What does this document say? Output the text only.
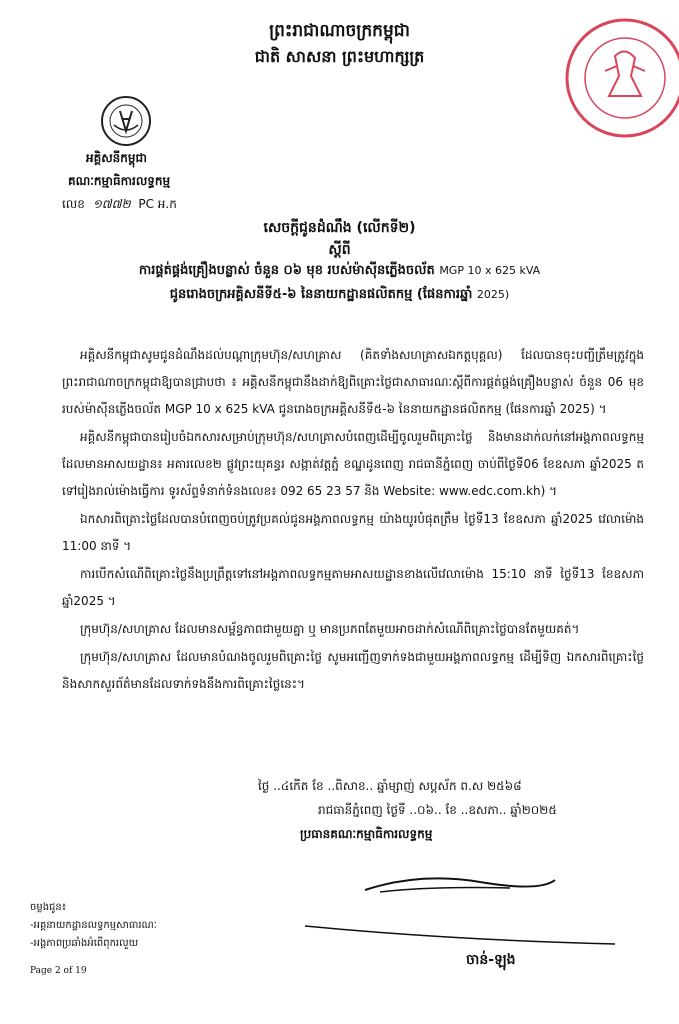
ព្រះរាជាណាចក្រកម្ពុជា
ជាតិ សាសនា ព្រះមហាក្សត្រ
អគ្គិសនីកម្ពុជា
គណៈកម្មាធិការលទ្ធកម្ម
លេខ ១៧៧២ PC អ.ក
សេចក្តីជូនដំណឹង (លើកទី២)
ស្តីពី
ការផ្គត់ផ្គង់គ្រឿងបន្លាស់ ចំនួន ០៦ មុខ របស់ម៉ាស៊ីនភ្លើងចល័ត MGP 10 x 625 kVA
ជូនរោងចក្រអគ្គិសនីទី៥-៦ នៃនាយកដ្ឋានផលិតកម្ម (ផែនការឆ្នាំ 2025)

អគ្គិសនីកម្ពុជាសូមជូនដំណឹងដល់បណ្តាក្រុមហ៊ុន/សហគ្រាស (គិតទាំងសហគ្រាសឯកត្តបុគ្គល) ដែលបានចុះបញ្ជីត្រឹមត្រូវក្នុងព្រះរាជាណាចក្រកម្ពុជាឱ្យបានជ្រាបថា ៖ អគ្គិសនីកម្ពុជានឹងដាក់ឱ្យពិគ្រោះថ្លៃជាសាធារណៈស្តីពីការផ្គត់ផ្គង់គ្រឿងបន្លាស់ ចំនួន 06 មុខ របស់ម៉ាស៊ីនភ្លើងចល័ត MGP 10 x 625 kVA ជូនរោងចក្រអគ្គិសនីទី៥-៦ នៃនាយកដ្ឋានផលិតកម្ម (ផែនការឆ្នាំ 2025) ។

អគ្គិសនីកម្ពុជាបានរៀបចំឯកសារសម្រាប់ក្រុមហ៊ុន/សហគ្រាសបំពេញដើម្បីចូលរួមពិគ្រោះថ្លៃ និងមានដាក់លក់នៅអង្គភាពលទ្ធកម្ម ដែលមានអាសយដ្ឋាន៖ អគារលេខ២ ផ្លូវព្រះយុគន្ធរ សង្កាត់វត្តភ្នំ ខណ្ឌដូនពេញ រាជធានីភ្នំពេញ ចាប់ពីថ្ងៃទី06 ខែឧសភា ឆ្នាំ2025 តទៅរៀងរាល់ម៉ោងធ្វើការ ទូរស័ព្ទទំនាក់ទំនងលេខ៖ 092 65 23 57 និង Website: www.edc.com.kh) ។

ឯកសារពិគ្រោះថ្លៃដែលបានបំពេញចប់ត្រូវប្រគល់ជូនអង្គភាពលទ្ធកម្ម យ៉ាងយូរបំផុតត្រឹម ថ្ងៃទី13 ខែឧសភា ឆ្នាំ2025 វេលាម៉ោង 11:00 នាទី ។

ការបើកសំណើពិគ្រោះថ្លៃនឹងប្រព្រឹត្តទៅនៅអង្គភាពលទ្ធកម្មតាមអាសយដ្ឋានខាងលើវេលាម៉ោង 15:10 នាទី ថ្ងៃទី13 ខែឧសភា ឆ្នាំ2025 ។

ក្រុមហ៊ុន/សហគ្រាស ដែលមានសម្ព័ន្ធភាពជាមួយគ្នា ឬ មានប្រភពតែមួយអាចដាក់សំណើពិគ្រោះថ្លៃបានតែមួយគត់។

ក្រុមហ៊ុន/សហគ្រាស ដែលមានបំណងចូលរួមពិគ្រោះថ្លៃ សូមអញ្ជើញទាក់ទងជាមួយអង្គភាពលទ្ធកម្ម ដើម្បីទិញ ឯកសារពិគ្រោះថ្លៃ និងសាកសួរព័ត៌មានដែលទាក់ទងនឹងការពិគ្រោះថ្លៃនេះ។

ថ្ងៃ ..៤កើត ខែ ..ពិសាខ.. ឆ្នាំម្សាញ់ សប្តស័ក ព.ស ២៥៦៨
រាជធានីភ្នំពេញ ថ្ងៃទី ..០៦.. ខែ ..ឧសភា.. ឆ្នាំ២០២៥
ប្រធានគណៈកម្មាធិការលទ្ធកម្ម
ចម្លងជូន៖
-អគ្គនាយកដ្ឋានលទ្ធកម្មសាធារណៈ
-អង្គភាពប្រឆាំងអំពើពុករលួយ
ចាន់-ឡុង
Page 2 of 19
